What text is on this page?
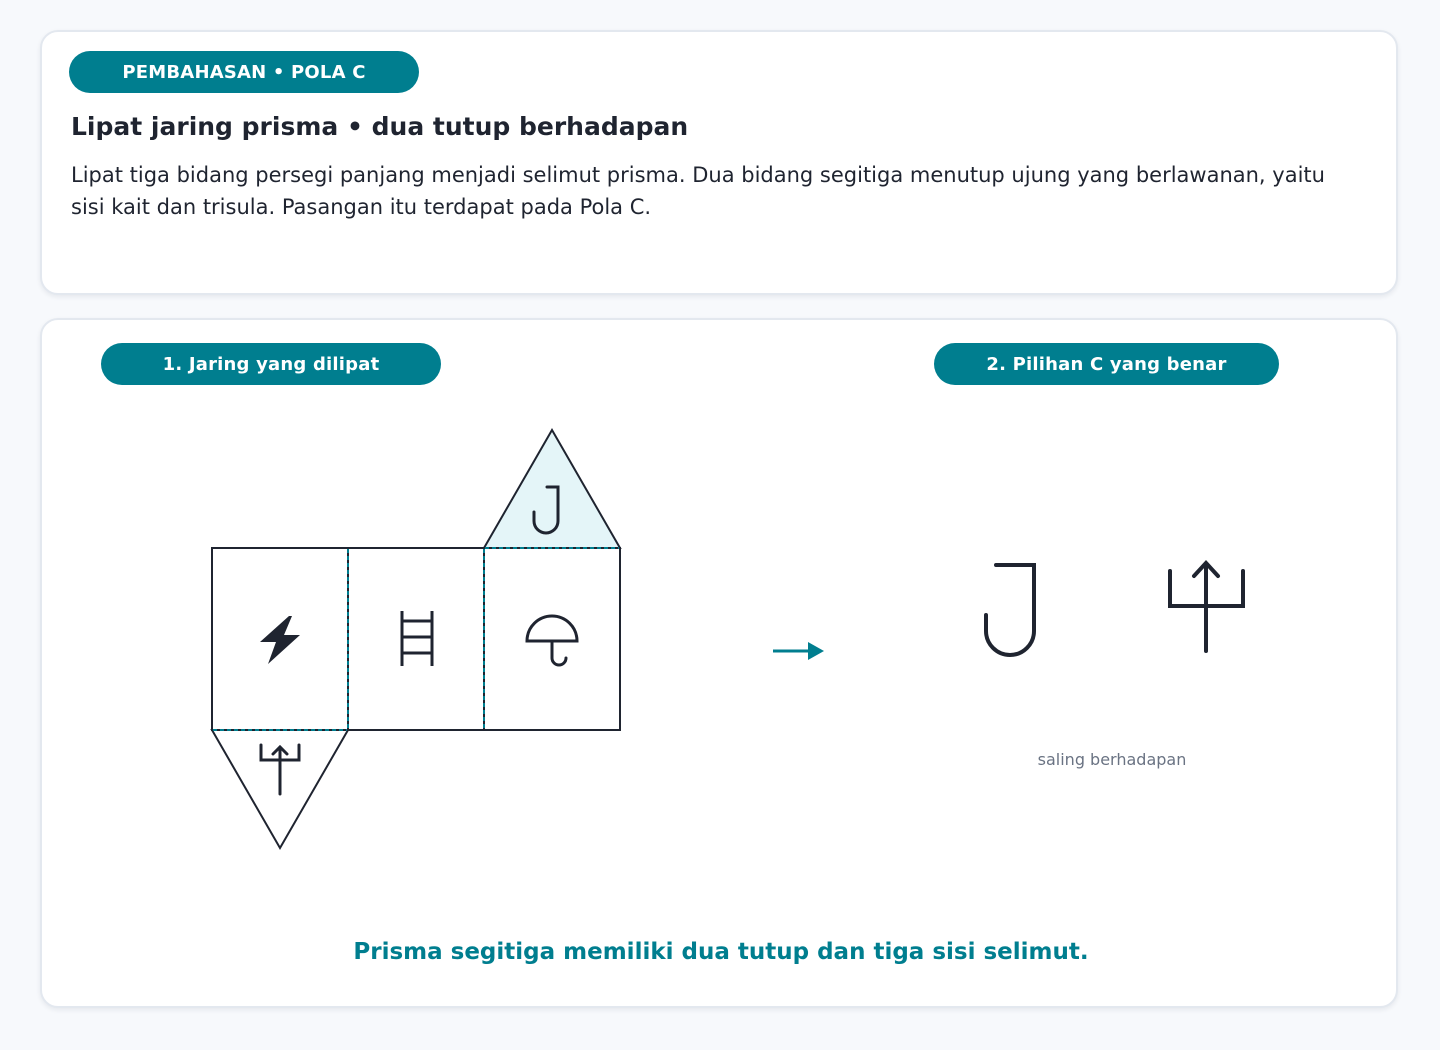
PEMBAHASAN • POLA C
Lipat jaring prisma • dua tutup berhadapan

Lipat tiga bidang persegi panjang menjadi selimut prisma. Dua bidang segitiga menutup ujung yang berlawanan, yaitu sisi kait dan trisula. Pasangan itu terdapat pada Pola C.

1. Jaring yang dilipat	2. Pilihan C yang benar
saling berhadapan

Prisma segitiga memiliki dua tutup dan tiga sisi selimut.
